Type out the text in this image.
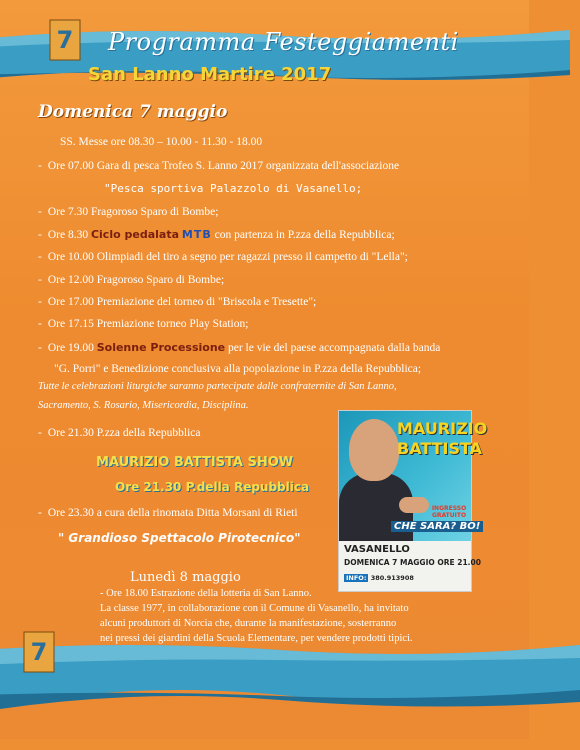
7 Programma Festeggiamenti
San Lanno Martire 2017
Domenica 7 maggio
SS. Messe ore 08.30 – 10.00 - 11.30 - 18.00
- Ore 07.00 Gara di pesca Trofeo S. Lanno 2017 organizzata dell'associazione
"Pesca sportiva Palazzolo di Vasanello;
- Ore 7.30 Fragoroso Sparo di Bombe;
- Ore 8.30 Ciclo pedalata MTB con partenza in P.zza della Repubblica;
- Ore 10.00 Olimpiadi del tiro a segno per ragazzi presso il campetto di "Lella";
- Ore 12.00 Fragoroso Sparo di Bombe;
- Ore 17.00 Premiazione del torneo di "Briscola e Tresette";
- Ore 17.15 Premiazione torneo Play Station;
- Ore 19.00 Solenne Processione per le vie del paese accompagnata dalla banda
"G. Porri" e Benedizione conclusiva alla popolazione in P.zza della Repubblica;
Tutte le celebrazioni liturgiche saranno partecipate dalle confraternite di San Lanno,
Sacramento, S. Rosario, Misericordia, Disciplina.
- Ore 21.30 P.zza della Repubblica
MAURIZIO BATTISTA SHOW
Ore 21.30 P.della Repubblica
- Ore 23.30 a cura della rinomata Ditta Morsani di Rieti
" Grandioso Spettacolo Pirotecnico"
MAURIZIO
BATTISTA
INGRESSO GRATUITO
CHE SARA? BO!
VASANELLO
DOMENICA 7 MAGGIO ORE 21.00
INFO: 380.913908
7
Lunedì 8 maggio
- Ore 18.00 Estrazione della lotteria di San Lanno.
La classe 1977, in collaborazione con il Comune di Vasanello, ha invitato
alcuni produttori di Norcia che, durante la manifestazione, sosterranno
nei pressi dei giardini della Scuola Elementare, per vendere prodotti tipici.
